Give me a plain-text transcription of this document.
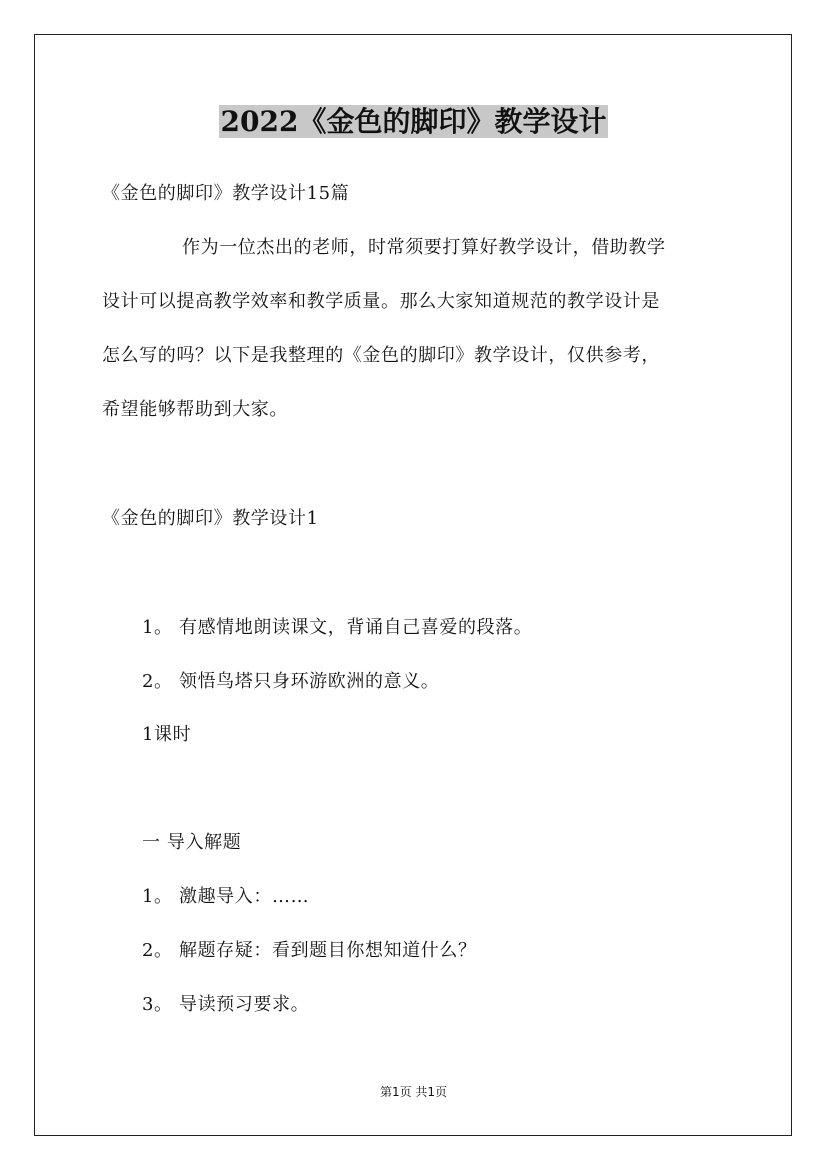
2022《金色的脚印》教学设计
《金色的脚印》教学设计15篇
作为一位杰出的老师，时常须要打算好教学设计，借助教学
设计可以提高教学效率和教学质量。那么大家知道规范的教学设计是
怎么写的吗？以下是我整理的《金色的脚印》教学设计，仅供参考，
希望能够帮助到大家。
《金色的脚印》教学设计1
1。 有感情地朗读课文，背诵自己喜爱的段落。
2。 领悟鸟塔只身环游欧洲的意义。
1课时
一 导入解题
1。 激趣导入：……
2。 解题存疑：看到题目你想知道什么？
3。 导读预习要求。
第1页 共1页
